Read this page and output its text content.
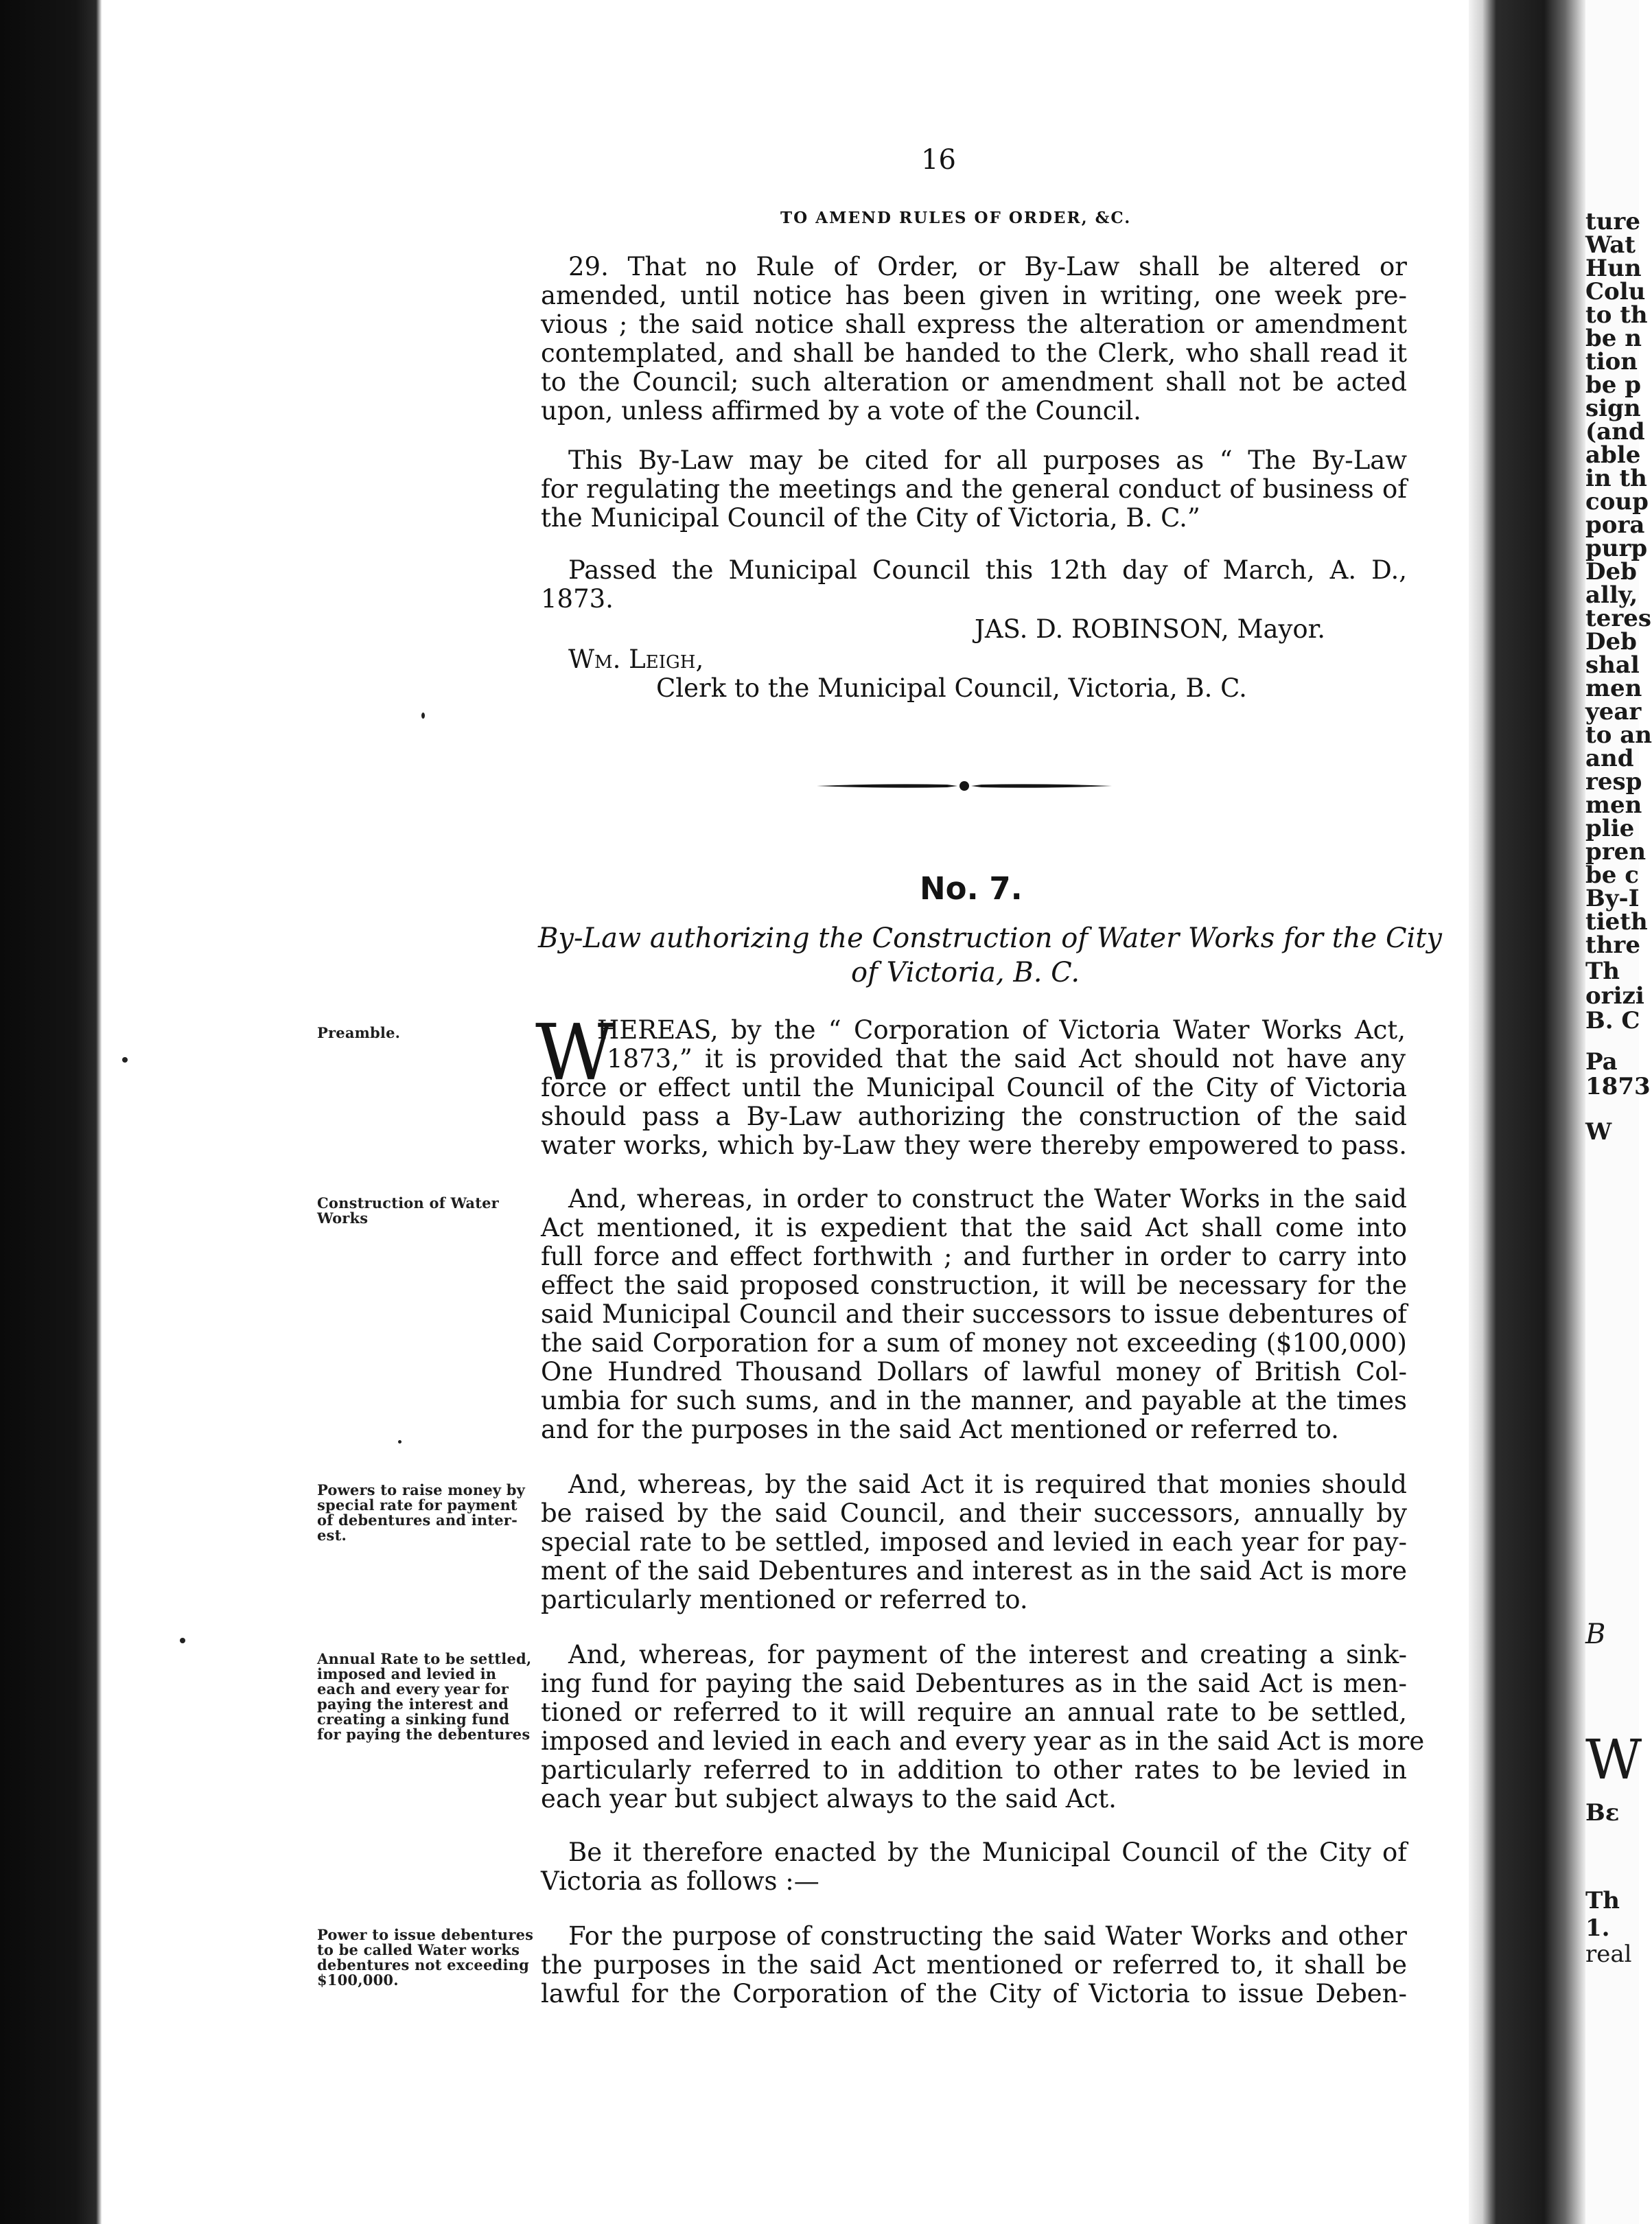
ture
Wat
Hun
Colu
to th
be n
tion
be p
sign
(and
able
in th
coup
pora
purp
Deb
ally,
teres
Deb
shal
men
year
to an
and
resp
men
plie
pren
be c
By-I
tieth
thre
Th
orizi
B. C
Pa
1873
W
B
W
Bε
Th
1.
real
16
TO AMEND RULES OF ORDER, &C.
29. That no Rule of Order, or By-Law shall be altered or
amended, until notice has been given in writing, one week pre-
vious ; the said notice shall express the alteration or amendment
contemplated, and shall be handed to the Clerk, who shall read it
to the Council; such alteration or amendment shall not be acted
upon, unless affirmed by a vote of the Council.
This By-Law may be cited for all purposes as “ The By-Law
for regulating the meetings and the general conduct of business of
the Municipal Council of the City of Victoria, B. C.”
Passed the Municipal Council this 12th day of March, A. D.,
1873.
JAS. D. ROBINSON, Mayor.
Wm. Leigh,
Clerk to the Municipal Council, Victoria, B. C.
No. 7.
By-Law authorizing the Construction of Water Works for the City
of Victoria, B. C.
W
HEREAS, by the “ Corporation of Victoria Water Works Act,
1873,” it is provided that the said Act should not have any
force or effect until the Municipal Council of the City of Victoria
should pass a By-Law authorizing the construction of the said
water works, which by-Law they were thereby empowered to pass.
And, whereas, in order to construct the Water Works in the said
Act mentioned, it is expedient that the said Act shall come into
full force and effect forthwith ; and further in order to carry into
effect the said proposed construction, it will be necessary for the
said Municipal Council and their successors to issue debentures of
the said Corporation for a sum of money not exceeding ($100,000)
One Hundred Thousand Dollars of lawful money of British Col-
umbia for such sums, and in the manner, and payable at the times
and for the purposes in the said Act mentioned or referred to.
And, whereas, by the said Act it is required that monies should
be raised by the said Council, and their successors, annually by
special rate to be settled, imposed and levied in each year for pay-
ment of the said Debentures and interest as in the said Act is more
particularly mentioned or referred to.
And, whereas, for payment of the interest and creating a sink-
ing fund for paying the said Debentures as in the said Act is men-
tioned or referred to it will require an annual rate to be settled,
imposed and levied in each and every year as in the said Act is more
particularly referred to in addition to other rates to be levied in
each year but subject always to the said Act.
Be it therefore enacted by the Municipal Council of the City of
Victoria as follows :—
For the purpose of constructing the said Water Works and other
the purposes in the said Act mentioned or referred to, it shall be
lawful for the Corporation of the City of Victoria to issue Deben-
Preamble.
Construction of Water
Works
Powers to raise money by
special rate for payment
of debentures and inter-
est.
Annual Rate to be settled,
imposed and levied in
each and every year for
paying the interest and
creating a sinking fund
for paying the debentures
Power to issue debentures
to be called Water works
debentures not exceeding
$100,000.
